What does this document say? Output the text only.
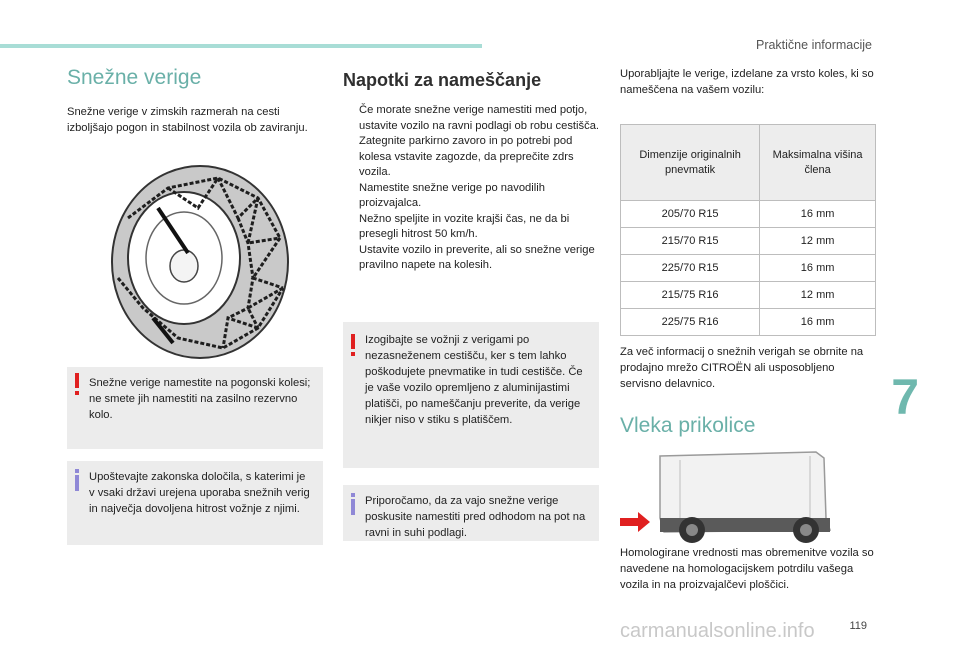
Praktične informacije
7
119
Snežne verige

Snežne verige v zimskih razmerah na cesti izboljšajo pogon in stabilnost vozila ob zaviranju.

Snežne verige namestite na pogonski kolesi; ne smete jih namestiti na zasilno rezervno kolo.

Upoštevajte zakonska določila, s katerimi je v vsaki državi urejena uporaba snežnih verig in največja dovoljena hitrost vožnje z njimi.

Napotki za nameščanje
Če morate snežne verige namestiti med potjo, ustavite vozilo na ravni podlagi ob robu cestišča.
Zategnite parkirno zavoro in po potrebi pod kolesa vstavite zagozde, da preprečite zdrs vozila.
Namestite snežne verige po navodilih proizvajalca.
Nežno speljite in vozite krajši čas, ne da bi presegli hitrost 50 km/h.
Ustavite vozilo in preverite, ali so snežne verige pravilno napete na kolesih.

Izogibajte se vožnji z verigami po nezasneženem cestišču, ker s tem lahko poškodujete pnevmatike in tudi cestišče. Če je vaše vozilo opremljeno z aluminijastimi platišči, po nameščanju preverite, da verige nikjer niso v stiku s platiščem.

Priporočamo, da za vajo snežne verige poskusite namestiti pred odhodom na pot na ravni in suhi podlagi.

Uporabljajte le verige, izdelane za vrsto koles, ki so nameščena na vašem vozilu:

Dimenzije originalnih pnevmatik	Maksimalna višina člena
205/70 R15	16 mm
215/70 R15	12 mm
225/70 R15	16 mm
215/75 R16	12 mm
225/75 R16	16 mm

Za več informacij o snežnih verigah se obrnite na prodajno mrežo CITROËN ali usposobljeno servisno delavnico.

Vleka prikolice

Homologirane vrednosti mas obremenitve vozila so navedene na homologacijskem potrdilu vašega vozila in na proizvajalčevi ploščici.

carmanualsonline.info
